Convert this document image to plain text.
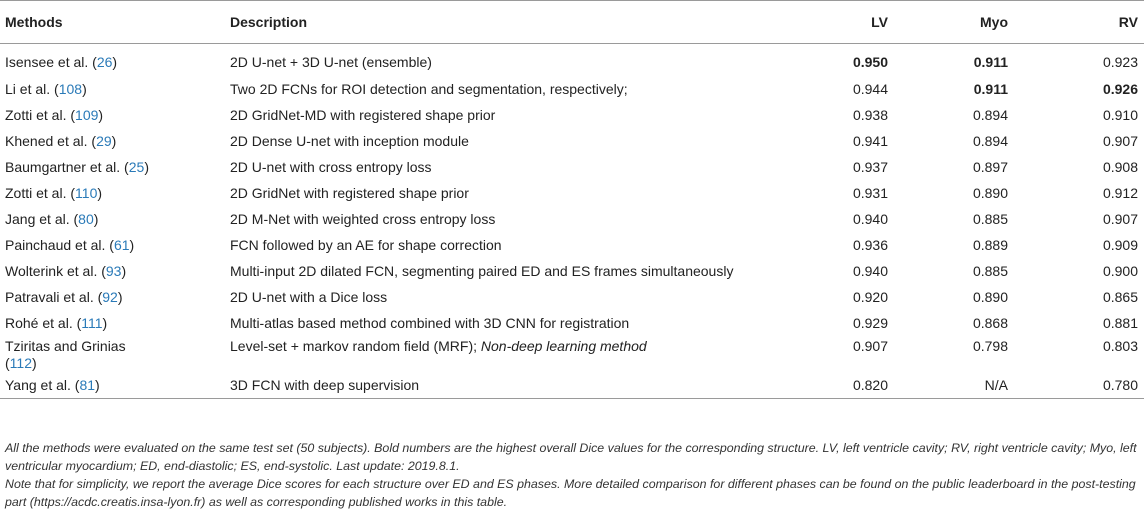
Methods	Description	LV	Myo	RV
Isensee et al. (26)	2D U-net + 3D U-net (ensemble)	0.950	0.911	0.923
Li et al. (108)	Two 2D FCNs for ROI detection and segmentation, respectively;	0.944	0.911	0.926
Zotti et al. (109)	2D GridNet-MD with registered shape prior	0.938	0.894	0.910
Khened et al. (29)	2D Dense U-net with inception module	0.941	0.894	0.907
Baumgartner et al. (25)	2D U-net with cross entropy loss	0.937	0.897	0.908
Zotti et al. (110)	2D GridNet with registered shape prior	0.931	0.890	0.912
Jang et al. (80)	2D M-Net with weighted cross entropy loss	0.940	0.885	0.907
Painchaud et al. (61)	FCN followed by an AE for shape correction	0.936	0.889	0.909
Wolterink et al. (93)	Multi-input 2D dilated FCN, segmenting paired ED and ES frames simultaneously	0.940	0.885	0.900
Patravali et al. (92)	2D U-net with a Dice loss	0.920	0.890	0.865
Rohé et al. (111)	Multi-atlas based method combined with 3D CNN for registration	0.929	0.868	0.881
Tziritas and Grinias
(112)	Level-set + markov random field (MRF); Non-deep learning method	0.907	0.798	0.803
Yang et al. (81)	3D FCN with deep supervision	0.820	N/A	0.780
All the methods were evaluated on the same test set (50 subjects). Bold numbers are the highest overall Dice values for the corresponding structure. LV, left ventricle cavity; RV, right ventricle cavity; Myo, left ventricular myocardium; ED, end-diastolic; ES, end-systolic. Last update: 2019.8.1.
Note that for simplicity, we report the average Dice scores for each structure over ED and ES phases. More detailed comparison for different phases can be found on the public leaderboard in the post-testing part (https://acdc.creatis.insa-lyon.fr) as well as corresponding published works in this table.
